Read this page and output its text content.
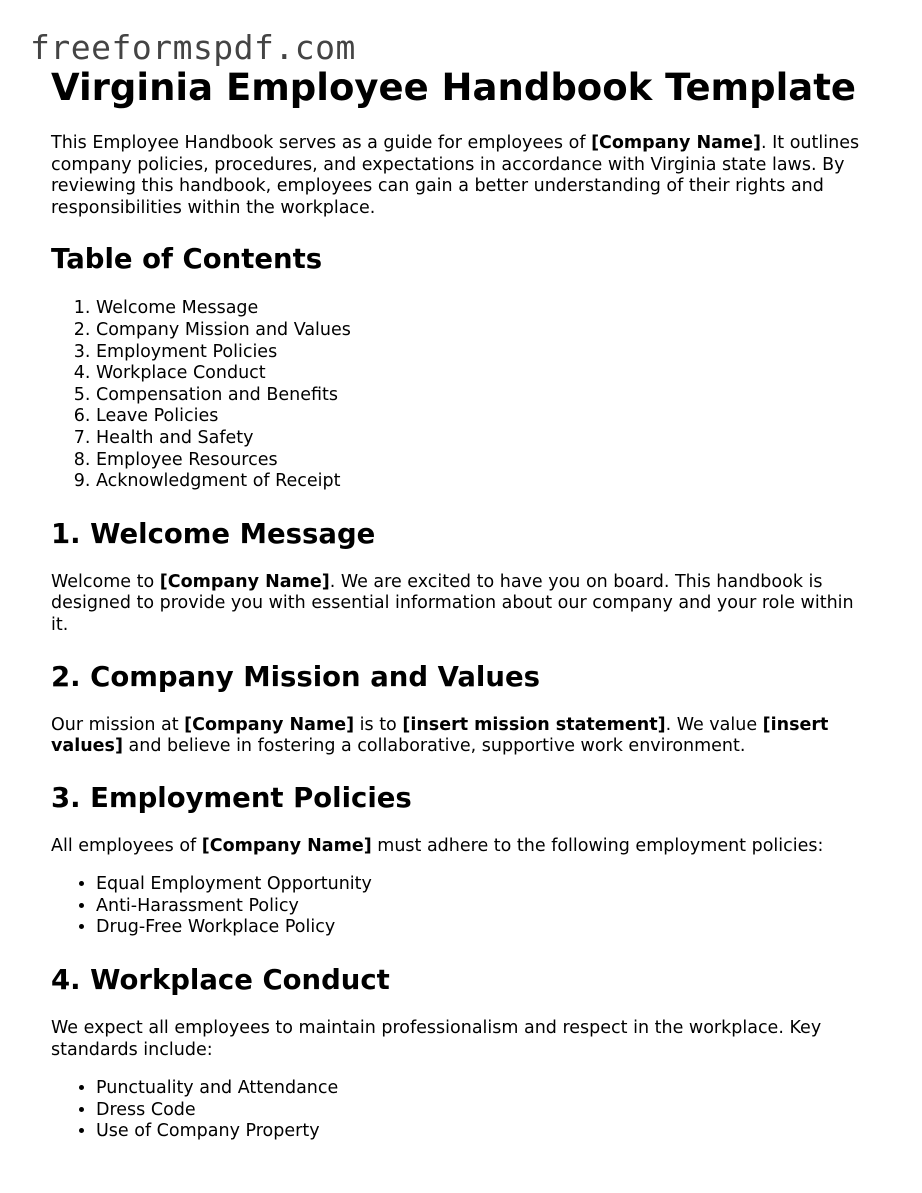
freeformspdf.com
Virginia Employee Handbook Template

This Employee Handbook serves as a guide for employees of [Company Name]. It outlines company policies, procedures, and expectations in accordance with Virginia state laws. By reviewing this handbook, employees can gain a better understanding of their rights and responsibilities within the workplace.

Table of Contents
1. Welcome Message
2. Company Mission and Values
3. Employment Policies
4. Workplace Conduct
5. Compensation and Benefits
6. Leave Policies
7. Health and Safety
8. Employee Resources
9. Acknowledgment of Receipt
1. Welcome Message

Welcome to [Company Name]. We are excited to have you on board. This handbook is designed to provide you with essential information about our company and your role within it.

2. Company Mission and Values

Our mission at [Company Name] is to [insert mission statement]. We value [insert values] and believe in fostering a collaborative, supportive work environment.

3. Employment Policies

All employees of [Company Name] must adhere to the following employment policies:

• Equal Employment Opportunity
• Anti-Harassment Policy
• Drug-Free Workplace Policy
4. Workplace Conduct

We expect all employees to maintain professionalism and respect in the workplace. Key standards include:

• Punctuality and Attendance
• Dress Code
• Use of Company Property
